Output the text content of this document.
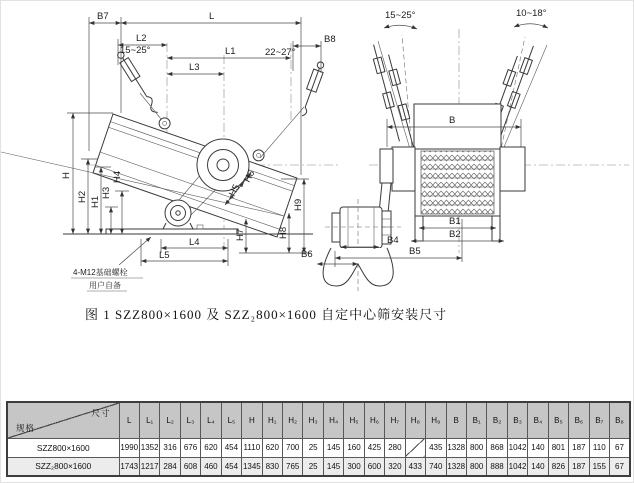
B7	L
L2	B8
L1
15~25°	22~27°
L3
H
H2 H1
H3
H4
H5
H6
H7	H8
H9
L4
L5
4-M12基础螺栓
用户自备
15~25°	10~18°
B
B1
B2
B4
B5
B6
图 1 SZZ800×1600 及 SZZ₂800×1600 自定中心筛安装尺寸
尺寸
规格	L	L₁	L₂	L₃	L₄	L₅	H	H₁	H₂	H₃	H₄	H₅	H₆	H₇	H₈	H₉	B	B₁	B₂	B₃	B₄	B₅	B₆	B₇	B₈
SZZ800×1600	1990	1352	316	676	620	454	1110	620	700	25	145	160	425	280		435	1328	800	868	1042	140	801	187	110	67
SZZ₂800×1600	1743	1217	284	608	460	454	1345	830	765	25	145	300	600	320	433	740	1328	800	888	1042	140	826	187	155	67
